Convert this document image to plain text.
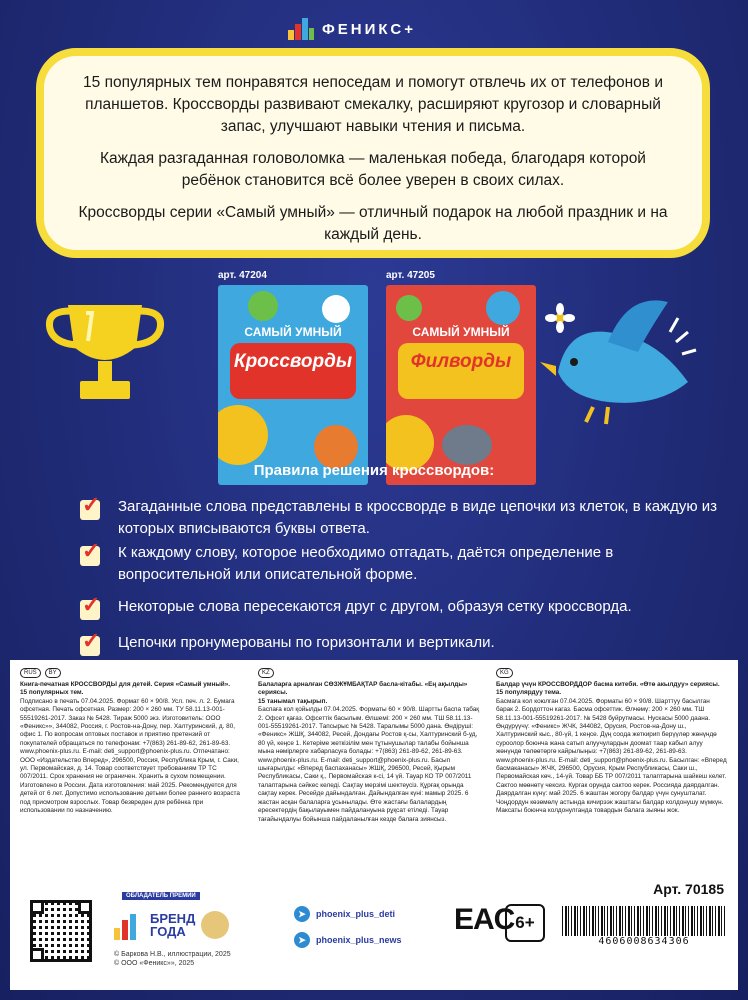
ФЕНИКС+

15 популярных тем понравятся непоседам и помогут отвлечь их от телефонов и планшетов. Кроссворды развивают смекалку, расширяют кругозор и словарный запас, улучшают навыки чтения и письма.

Каждая разгаданная головоломка — маленькая победа, благодаря которой ребёнок становится всё более уверен в своих силах.

Кроссворды серии «Самый умный» — отличный подарок на любой праздник и на каждый день.

арт. 47204
САМЫЙ УМНЫЙ
Кроссворды
арт. 47205
САМЫЙ УМНЫЙ
Филворды
Правила решения кроссвордов:
✓ Загаданные слова представлены в кроссворде в виде цепочки из клеток, в каждую из которых вписываются буквы ответа.
✓ К каждому слову, которое необходимо отгадать, даётся определение в вопросительной или описательной форме.
✓ Некоторые слова пересекаются друг с другом, образуя сетку кроссворда.
✓ Цепочки пронумерованы по горизонтали и вертикали.
RUS	BY
Книга-печатная КРОССВОРДЫ для детей. Серия «Самый умный».
15 популярных тем.
Подписано в печать 07.04.2025. Формат 60 × 90/8. Усл. печ. л. 2. Бумага офсетная. Печать офсетная. Размер: 200 × 260 мм. ТУ 58.11.13-001-55519261-2017. Заказ № 5428. Тираж 5000 экз. Изготовитель: ООО «Феникс»», 344082, Россия, г. Ростов-на-Дону, пер. Халтуринский, д. 80, офис 1. По вопросам оптовых поставок и приятию претензий от покупателей обращаться по телефонам: +7(863) 261-89-62, 261-89-63. www.phoenix-plus.ru. E-mail: deti_support@phoenix-plus.ru. Отпечатано: ООО «Издательство Вперед», 296500, Россия, Республика Крым, г. Саки, ул. Первомайская, д. 14. Товар соответствует требованиям ТР ТС 007/2011. Срок хранения не ограничен. Хранить в сухом помещении. Изготовлено в России. Дата изготовления: май 2025. Рекомендуется для детей от 6 лет. Допустимо использование детьми более раннего возраста под присмотром взрослых. Товар безвреден для ребёнка при использовании по назначению.
KZ
Балаларға арналған СӨЗЖҰМБАҚТАР басла-кітабы. «Ең ақылды» сериясы.
15 танымал тақырып.
Баспаға кол қойылды 07.04.2025. Форматы 60 × 90/8. Шартты баспа табақ 2. Офсет қағаз. Офсеттік басылым. Өлшемі: 200 × 260 мм. ТШ 58.11.13-001-55519261-2017. Тапсырыс № 5428. Таралымы 5000 дана. Өндіруші: «Феникс» ЖШҚ, 344082, Ресей, Дондағы Ростов қ-сы, Халтуринский б-уд, 80 үй, кеңсе 1. Кетеріме жеткізілім мен тұтынушылар талабы бойынша мына нөмірлерге хабарласуға болады: +7(863) 261-89-62, 261-89-63. www.phoenix-plus.ru. E-mail: deti_support@phoenix-plus.ru. Басып шығарылды: «Вперед баспаханасы» ЖШҚ, 296500, Ресей, Қырым Республикасы, Саки қ., Первомайская к-сі, 14 үй. Тауар КО ТР 007/2011 талаптарына сәйкес келеді. Сақтау мерзімі шектеусіз. Құрғақ орында сақтау керек. Ресейде дайындалған. Дайындалған күні: мамыр 2025. 6 жастан асқан балаларға ұсынылады. Өте жастағы балалардың ересектердің бақылауымен пайдалануына рұқсат етіледі. Тауар тағайындалуы бойынша пайдаланылған кезде балаға зиянсыз.
KG
Балдар үчүн КРОССВОРДДОР басма китеби. «Өтө акылдуу» сериясы.
15 популярдуу тема.
Басмага кол коюлган 07.04.2025. Форматы 60 × 90/8. Шарттуу басылган барак 2. Бордоттон кагаз. Басма офсеттик. Өлчөмү: 200 × 260 мм. ТШ 58.11.13-001-55519261-2017. № 5428 буйрутмасы. Нускасы 5000 даана. Өндүрүүчү: «Феникс» ЖЧК, 344082, Орусия, Ростов-на-Дону ш., Халтуринский кыс., 80-үй, 1 кеңсе. Дүң соода жеткирип берүүлөр жөнүндө суроолор боюнча жана сатып алуучулардын доомат таар кабыл алуу жөнүндө төлөөтөргө кайрылыңыз: +7(863) 261-89-62, 261-89-63. www.phoenix-plus.ru. E-mail: deti_support@phoenix-plus.ru. Басылган: «Вперед басмаканасы» ЖЧК, 296500, Орусия, Крым Республикасы, Саки ш., Первомайская көч., 14-үй. Товар ББ ТР 007/2011 талаптарына шайкеш келет. Сактоо мөөнөтү чексиз. Кургак орунда сактоо керек. Россияда даярдалган. Даярдалган күнү: май 2025. 6 жаштан жогору балдар үчүн сунушталат. Чоңдордун көзөмөлү астында кичирээк жаштагы балдар колдонушу мүмкүн. Максаты боюнча колдонулганда товардын балага зыяны жок.
ОБЛАДАТЕЛЬ ПРЕМИИ
БРЕНД
ГОДА
© Баркова Н.В., иллюстрации, 2025
© ООО «Феникс»», 2025
➤	phoenix_plus_deti
➤	phoenix_plus_news
EAC 6+
Арт. 70185
4606008634306
